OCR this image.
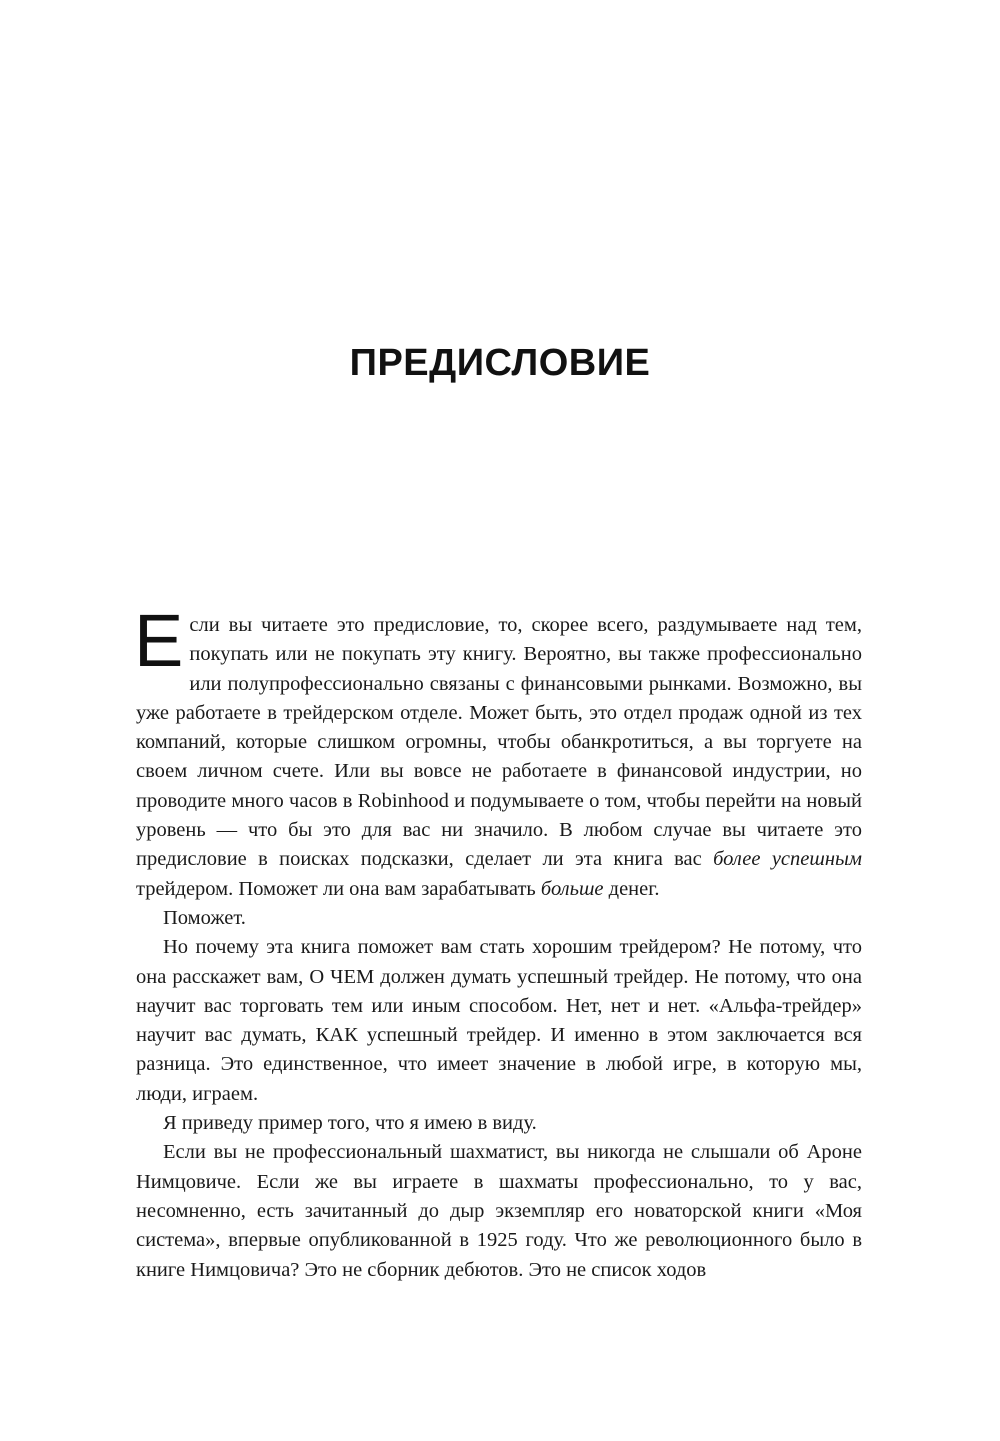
ПРЕДИСЛОВИЕ

Если вы читаете это предисловие, то, скорее всего, раздумываете над тем, покупать или не покупать эту книгу. Вероятно, вы также профессионально или полупрофессионально связаны с финансовыми рынками. Возможно, вы уже работаете в трейдерском отделе. Может быть, это отдел продаж одной из тех компаний, которые слишком огромны, чтобы обанкротиться, а вы торгуете на своем личном счете. Или вы вовсе не работаете в финансовой индустрии, но проводите много часов в Robinhood и подумываете о том, чтобы перейти на новый уровень — что бы это для вас ни значило. В любом случае вы читаете это предисловие в поисках подсказки, сделает ли эта книга вас более успешным трейдером. Поможет ли она вам зарабатывать больше денег.

Поможет.

Но почему эта книга поможет вам стать хорошим трейдером? Не потому, что она расскажет вам, О ЧЕМ должен думать успешный трейдер. Не потому, что она научит вас торговать тем или иным способом. Нет, нет и нет. «Альфа-трейдер» научит вас думать, КАК успешный трейдер. И именно в этом заключается вся разница. Это единственное, что имеет значение в любой игре, в которую мы, люди, играем.

Я приведу пример того, что я имею в виду.

Если вы не профессиональный шахматист, вы никогда не слышали об Ароне Нимцовиче. Если же вы играете в шахматы профессионально, то у вас, несомненно, есть зачитанный до дыр экземпляр его новаторской книги «Моя система», впервые опубликованной в 1925 году. Что же революционного было в книге Нимцовича? Это не сборник дебютов. Это не список ходов
